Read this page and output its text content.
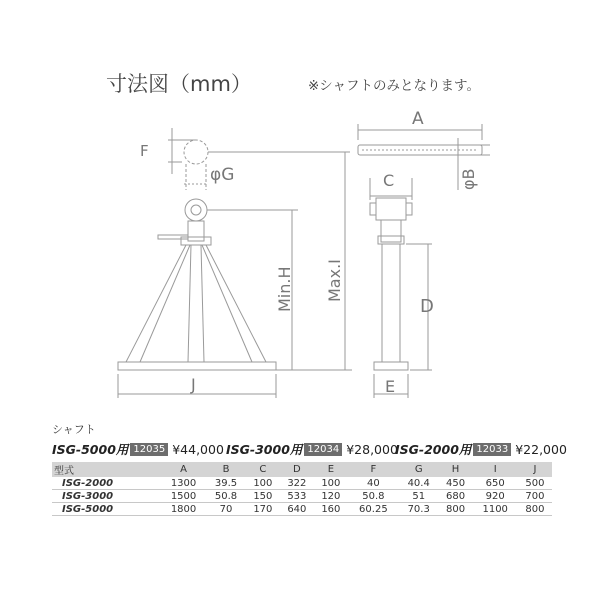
寸法図（mm）	※シャフトのみとなります。
F
φG	C
A
φB
Min.H Max.I
D
E
J
シャフト
ISG-5000用 12035 ¥44,000 ISG-3000用 12034 ¥28,000
ISG-2000用 12033 ¥22,000
型式	A	B	C	D	E	F	G	H	I	J
ISG-2000	1300	39.5	100	322	100	40	40.4	450	650	500
ISG-3000	1500	50.8	150	533	120	50.8	51	680	920	700
ISG-5000	1800	70	170	640	160	60.25	70.3	800	1100	800
